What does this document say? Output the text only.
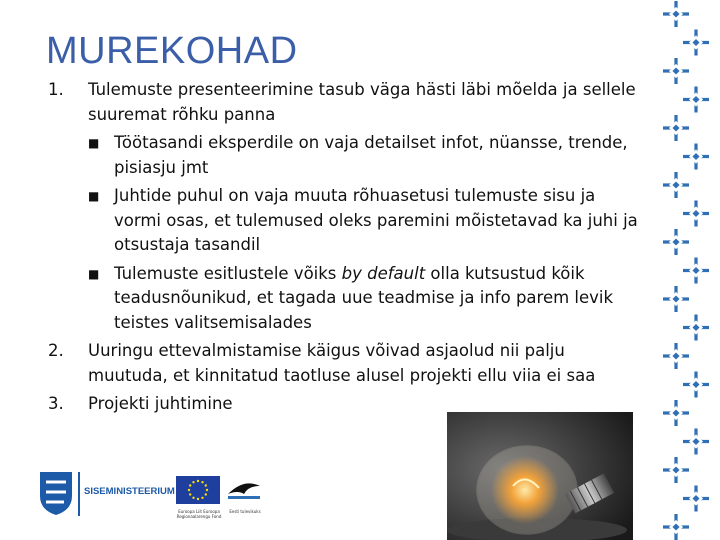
MUREKOHAD
1.	Tulemuste presenteerimine tasub väga hästi läbi mõelda ja sellele suuremat rõhku panna
■ Töötasandi eksperdile on vaja detailset infot, nüansse, trende, pisiasju jmt
■ Juhtide puhul on vaja muuta rõhuasetusi tulemuste sisu ja vormi osas, et tulemused oleks paremini mõistetavad ka juhi ja otsustaja tasandil
■ Tulemuste esitlustele võiks by default olla kutsustud kõik teadusnõunikud, et tagada uue teadmise ja info parem levik teistes valitsemisalades
2.	Uuringu ettevalmistamise käigus võivad asjaolud nii palju muutuda, et kinnitatud taotluse alusel projekti ellu viia ei saa
3.	Projekti juhtimine
SISEMINISTEERIUM
Euroopa Liit Euroopa Regionaalarengu Fond
Eesti tulevikuks
